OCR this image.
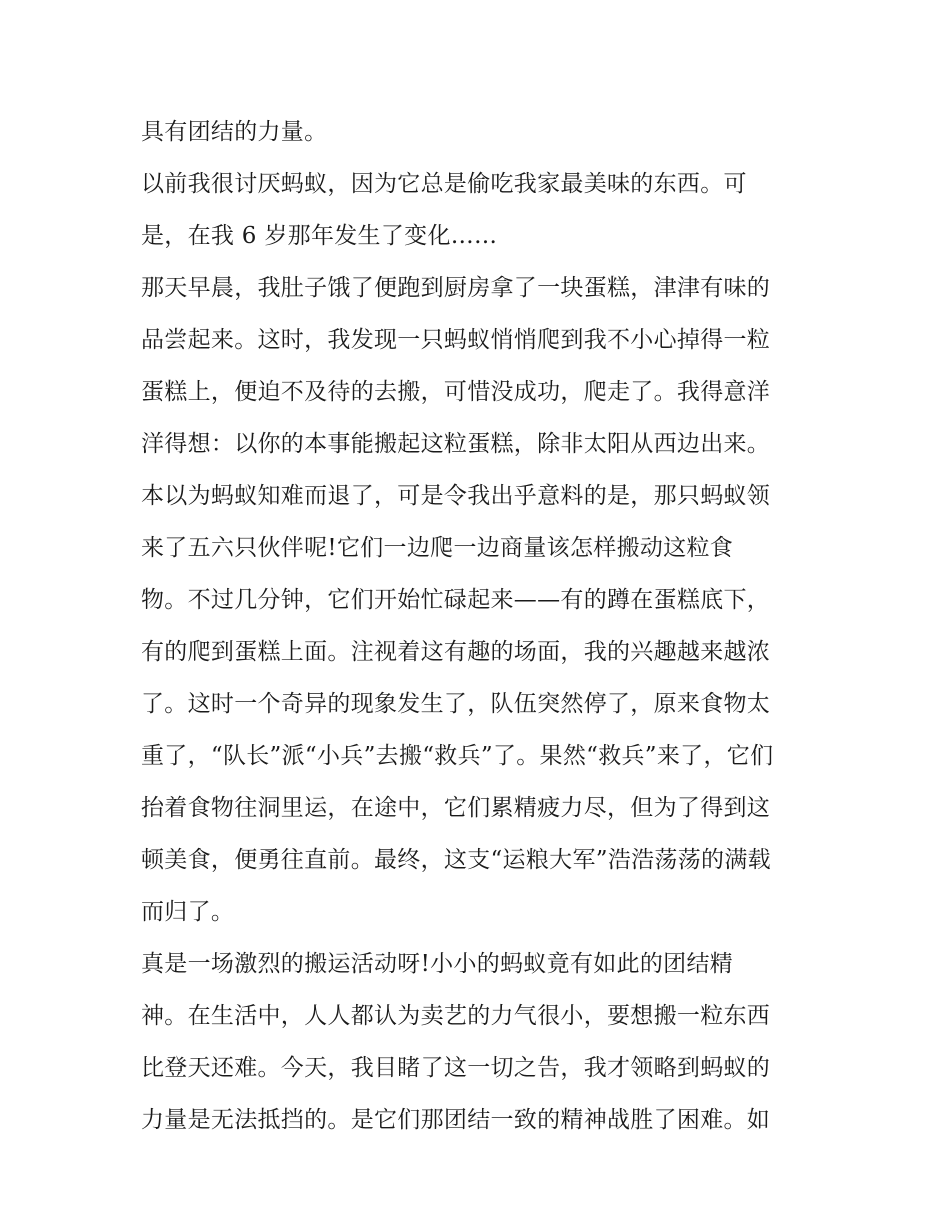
具有团结的力量。
以前我很讨厌蚂蚁，因为它总是偷吃我家最美味的东西。可
是，在我 6 岁那年发生了变化……
那天早晨，我肚子饿了便跑到厨房拿了一块蛋糕，津津有味的
品尝起来。这时，我发现一只蚂蚁悄悄爬到我不小心掉得一粒
蛋糕上，便迫不及待的去搬，可惜没成功，爬走了。我得意洋
洋得想：以你的本事能搬起这粒蛋糕，除非太阳从西边出来。
本以为蚂蚁知难而退了，可是令我出乎意料的是，那只蚂蚁领
来了五六只伙伴呢!它们一边爬一边商量该怎样搬动这粒食
物。不过几分钟，它们开始忙碌起来——有的蹲在蛋糕底下，
有的爬到蛋糕上面。注视着这有趣的场面，我的兴趣越来越浓
了。这时一个奇异的现象发生了，队伍突然停了，原来食物太
重了，“队长”派“小兵”去搬“救兵”了。果然“救兵”来了，它们
抬着食物往洞里运，在途中，它们累精疲力尽，但为了得到这
顿美食，便勇往直前。最终，这支“运粮大军”浩浩荡荡的满载
而归了。
真是一场激烈的搬运活动呀!小小的蚂蚁竟有如此的团结精
神。在生活中，人人都认为卖艺的力气很小，要想搬一粒东西
比登天还难。今天，我目睹了这一切之告，我才领略到蚂蚁的
力量是无法抵挡的。是它们那团结一致的精神战胜了困难。如
